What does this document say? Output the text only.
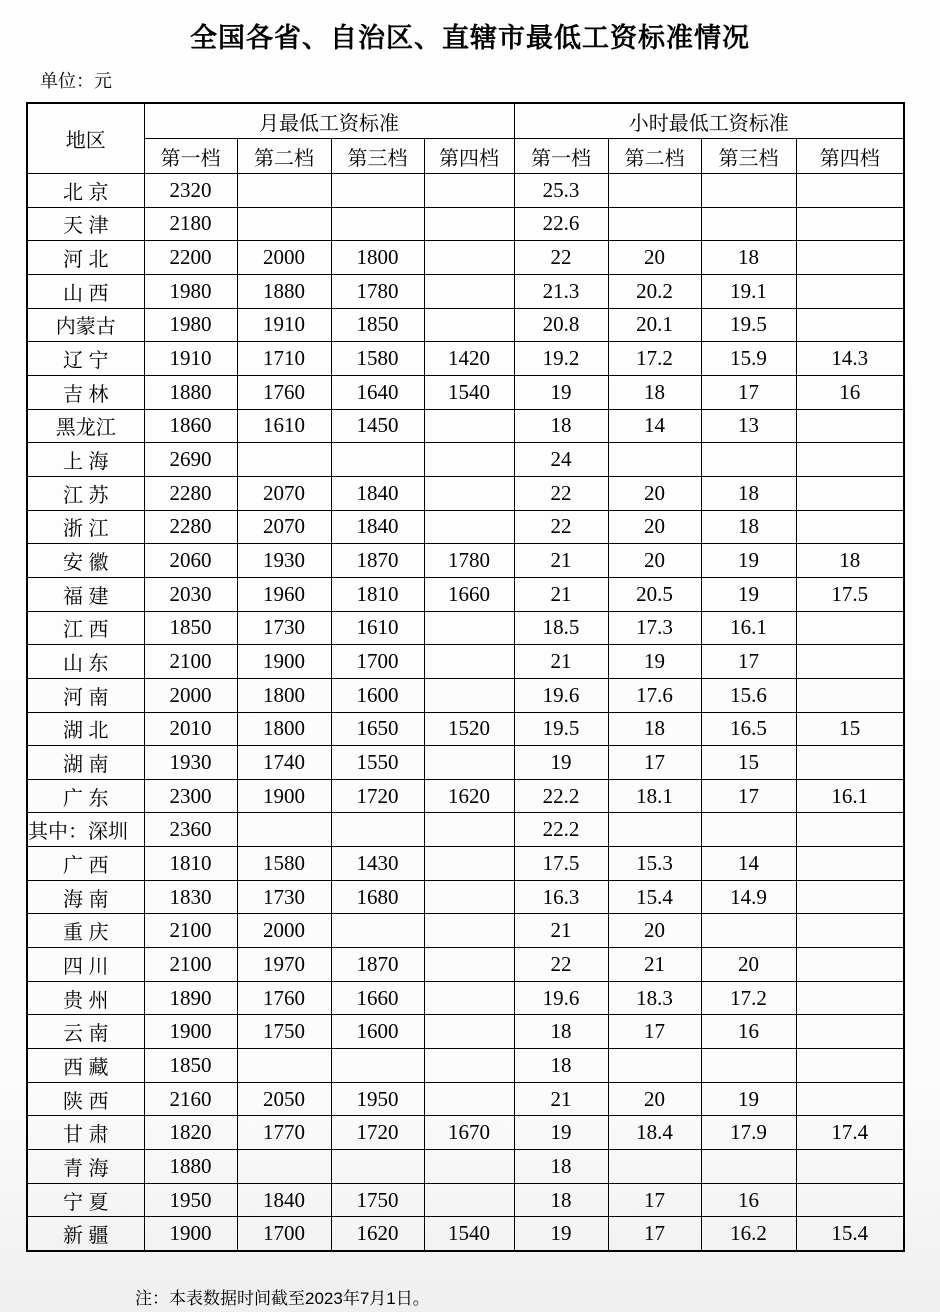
全国各省、自治区、直辖市最低工资标准情况
单位：元
地区	月最低工资标准				小时最低工资标准			
	第一档	第二档	第三档	第四档	第一档	第二档	第三档	第四档
北 京	2320				25.3			
天 津	2180				22.6			
河 北	2200	2000	1800		22	20	18	
山 西	1980	1880	1780		21.3	20.2	19.1	
内蒙古	1980	1910	1850		20.8	20.1	19.5	
辽 宁	1910	1710	1580	1420	19.2	17.2	15.9	14.3
吉 林	1880	1760	1640	1540	19	18	17	16
黑龙江	1860	1610	1450		18	14	13	
上 海	2690				24			
江 苏	2280	2070	1840		22	20	18	
浙 江	2280	2070	1840		22	20	18	
安 徽	2060	1930	1870	1780	21	20	19	18
福 建	2030	1960	1810	1660	21	20.5	19	17.5
江 西	1850	1730	1610		18.5	17.3	16.1	
山 东	2100	1900	1700		21	19	17	
河 南	2000	1800	1600		19.6	17.6	15.6	
湖 北	2010	1800	1650	1520	19.5	18	16.5	15
湖 南	1930	1740	1550		19	17	15	
广 东	2300	1900	1720	1620	22.2	18.1	17	16.1
其中：深圳	2360				22.2			
广 西	1810	1580	1430		17.5	15.3	14	
海 南	1830	1730	1680		16.3	15.4	14.9	
重 庆	2100	2000			21	20		
四 川	2100	1970	1870		22	21	20	
贵 州	1890	1760	1660		19.6	18.3	17.2	
云 南	1900	1750	1600		18	17	16	
西 藏	1850				18			
陕 西	2160	2050	1950		21	20	19	
甘 肃	1820	1770	1720	1670	19	18.4	17.9	17.4
青 海	1880				18			
宁 夏	1950	1840	1750		18	17	16	
新 疆	1900	1700	1620	1540	19	17	16.2	15.4
注：本表数据时间截至2023年7月1日。
